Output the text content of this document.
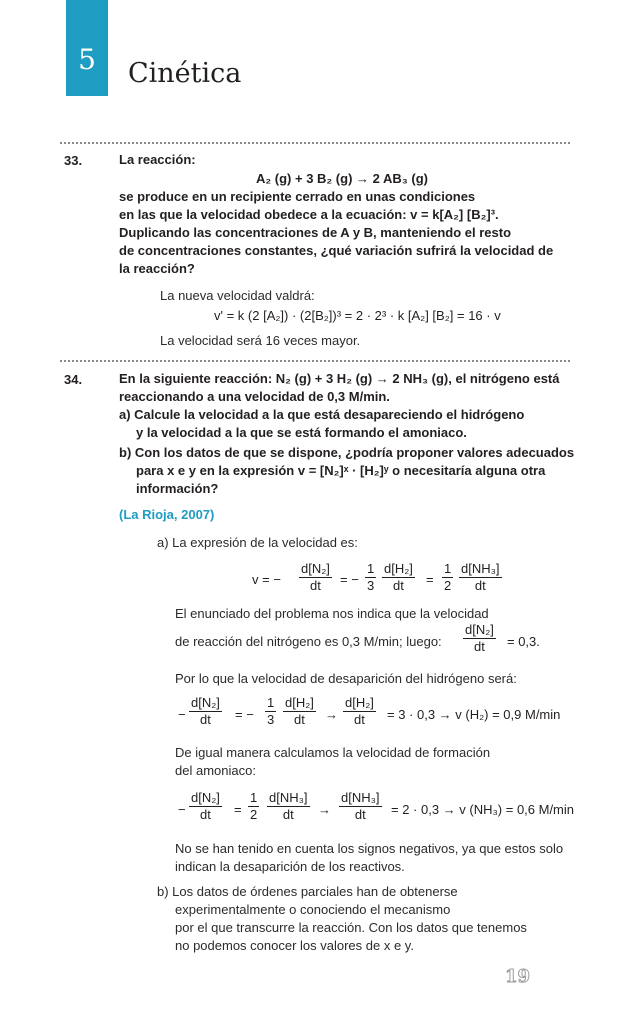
5	Cinética
33.	La reacción:
A₂ (g) + 3 B₂ (g) → 2 AB₃ (g)
se produce en un recipiente cerrado en unas condiciones
en las que la velocidad obedece a la ecuación: v = k[A₂] [B₂]³.
Duplicando las concentraciones de A y B, manteniendo el resto
de concentraciones constantes, ¿qué variación sufrirá la velocidad de
la reacción?
La nueva velocidad valdrá:
v' = k (2 [A₂]) · (2[B₂])³ = 2 · 2³ · k [A₂] [B₂] = 16 · v
La velocidad será 16 veces mayor.
34.	En la siguiente reacción: N₂ (g) + 3 H₂ (g) → 2 NH₃ (g), el nitrógeno está
reaccionando a una velocidad de 0,3 M/min.
a) Calcule la velocidad a la que está desapareciendo el hidrógeno
y la velocidad a la que se está formando el amoniaco.
b) Con los datos de que se dispone, ¿podría proponer valores adecuados
para x e y en la expresión v = [N₂]ˣ · [H₂]ʸ o necesitaría alguna otra
información?
(La Rioja, 2007)
a) La expresión de la velocidad es:
v = −
d[N₂]
dt	= −
1
3
d[H₂]
dt	=
1
2
d[NH₃]
dt
El enunciado del problema nos indica que la velocidad
de reacción del nitrógeno es 0,3 M/min; luego:
d[N₂]
dt	= 0,3.
Por lo que la velocidad de desaparición del hidrógeno será:
−
d[N₂]
dt	= −
1
3
d[H₂]
dt	→
d[H₂]
dt	= 3 · 0,3 → v (H₂) = 0,9 M/min
De igual manera calculamos la velocidad de formación
del amoniaco:
−
d[N₂]
dt	=
1
2
d[NH₃]
dt	→
d[NH₃]
dt	= 2 · 0,3 → v (NH₃) = 0,6 M/min
No se han tenido en cuenta los signos negativos, ya que estos solo
indican la desaparición de los reactivos.
b) Los datos de órdenes parciales han de obtenerse
experimentalmente o conociendo el mecanismo
por el que transcurre la reacción. Con los datos que tenemos
no podemos conocer los valores de x e y.
19
